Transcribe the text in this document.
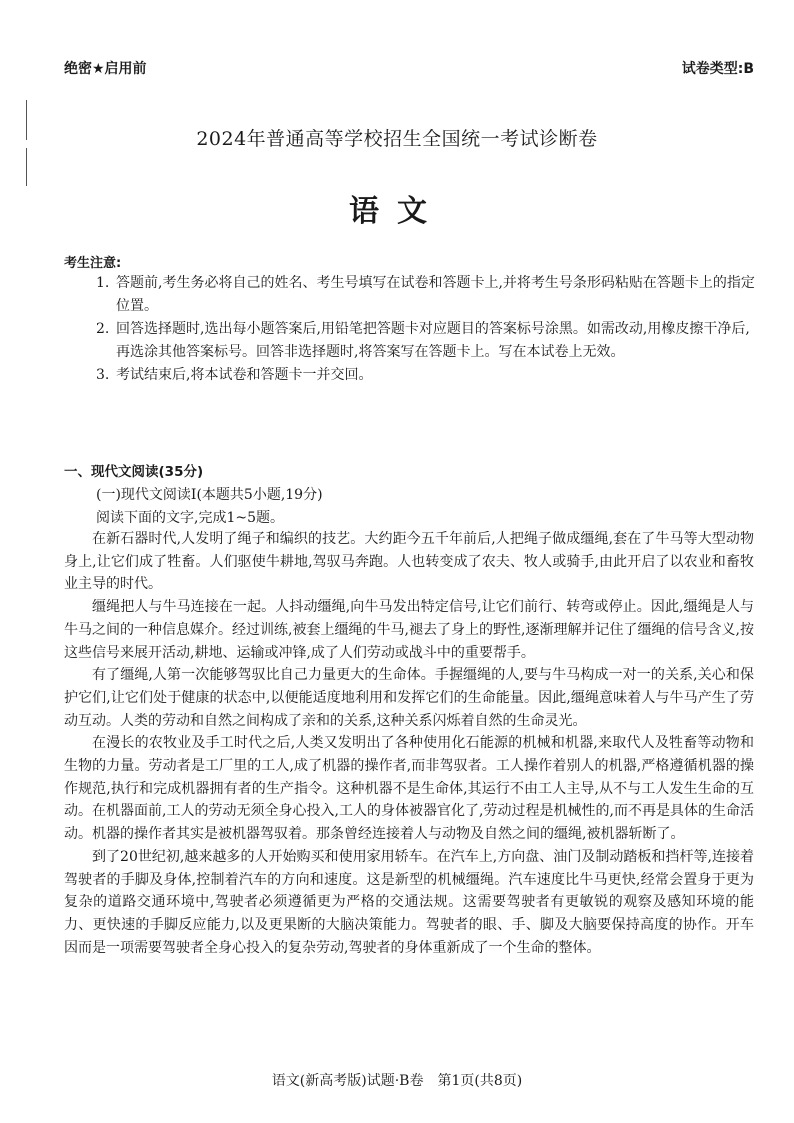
绝密★启用前	试卷类型:B
2024年普通高等学校招生全国统一考试诊断卷
语文
考生注意:
1. 答题前,考生务必将自己的姓名、考生号填写在试卷和答题卡上,并将考生号条形码粘贴在答题卡上的指定位置。
2. 回答选择题时,选出每小题答案后,用铅笔把答题卡对应题目的答案标号涂黑。如需改动,用橡皮擦干净后,再选涂其他答案标号。回答非选择题时,将答案写在答题卡上。写在本试卷上无效。
3. 考试结束后,将本试卷和答题卡一并交回。
一、现代文阅读(35分)
(一)现代文阅读Ⅰ(本题共5小题,19分)
阅读下面的文字,完成1~5题。

在新石器时代,人发明了绳子和编织的技艺。大约距今五千年前后,人把绳子做成缰绳,套在了牛马等大型动物身上,让它们成了牲畜。人们驱使牛耕地,驾驭马奔跑。人也转变成了农夫、牧人或骑手,由此开启了以农业和畜牧业主导的时代。

缰绳把人与牛马连接在一起。人抖动缰绳,向牛马发出特定信号,让它们前行、转弯或停止。因此,缰绳是人与牛马之间的一种信息媒介。经过训练,被套上缰绳的牛马,褪去了身上的野性,逐渐理解并记住了缰绳的信号含义,按这些信号来展开活动,耕地、运输或冲锋,成了人们劳动或战斗中的重要帮手。

有了缰绳,人第一次能够驾驭比自己力量更大的生命体。手握缰绳的人,要与牛马构成一对一的关系,关心和保护它们,让它们处于健康的状态中,以便能适度地利用和发挥它们的生命能量。因此,缰绳意味着人与牛马产生了劳动互动。人类的劳动和自然之间构成了亲和的关系,这种关系闪烁着自然的生命灵光。

在漫长的农牧业及手工时代之后,人类又发明出了各种使用化石能源的机械和机器,来取代人及牲畜等动物和生物的力量。劳动者是工厂里的工人,成了机器的操作者,而非驾驭者。工人操作着别人的机器,严格遵循机器的操作规范,执行和完成机器拥有者的生产指令。这种机器不是生命体,其运行不由工人主导,从不与工人发生生命的互动。在机器面前,工人的劳动无须全身心投入,工人的身体被器官化了,劳动过程是机械性的,而不再是具体的生命活动。机器的操作者其实是被机器驾驭着。那条曾经连接着人与动物及自然之间的缰绳,被机器斩断了。

到了20世纪初,越来越多的人开始购买和使用家用轿车。在汽车上,方向盘、油门及制动踏板和挡杆等,连接着驾驶者的手脚及身体,控制着汽车的方向和速度。这是新型的机械缰绳。汽车速度比牛马更快,经常会置身于更为复杂的道路交通环境中,驾驶者必须遵循更为严格的交通法规。这需要驾驶者有更敏锐的观察及感知环境的能力、更快速的手脚反应能力,以及更果断的大脑决策能力。驾驶者的眼、手、脚及大脑要保持高度的协作。开车因而是一项需要驾驶者全身心投入的复杂劳动,驾驶者的身体重新成了一个生命的整体。

语文(新高考版)试题·B卷　第1页(共8页)
